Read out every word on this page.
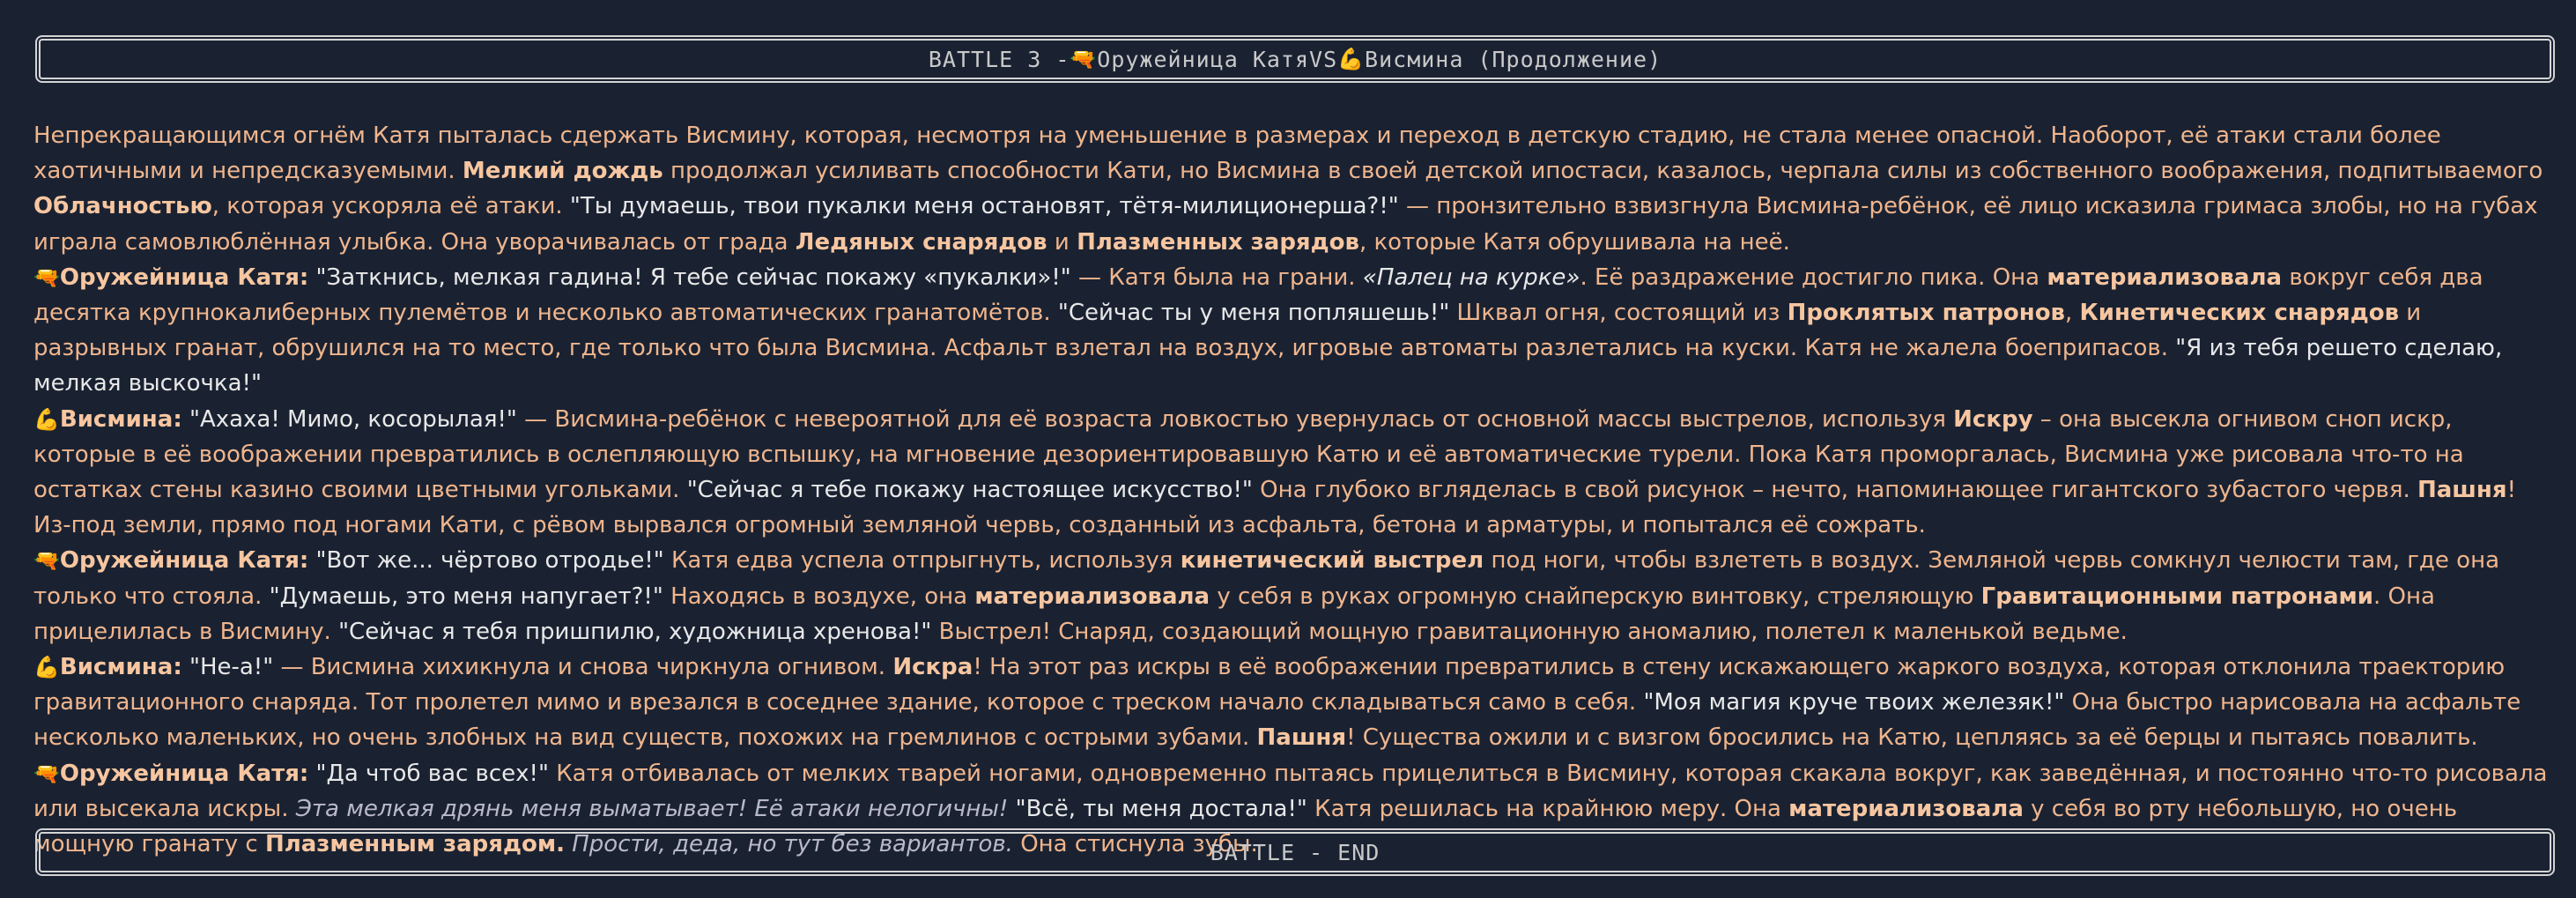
BATTLE 3 - 🔫 Оружейница Катя VS 💪 Висмина (Продолжение)

Непрекращающимся огнём Катя пыталась сдержать Висмину, которая, несмотря на уменьшение в размерах и переход в детскую стадию, не стала менее опасной. Наоборот, её атаки стали более хаотичными и непредсказуемыми. Мелкий дождь продолжал усиливать способности Кати, но Висмина в своей детской ипостаси, казалось, черпала силы из собственного воображения, подпитываемого Облачностью, которая ускоряла её атаки. "Ты думаешь, твои пукалки меня остановят, тётя-милиционерша?!" — пронзительно взвизгнула Висмина-ребёнок, её лицо исказила гримаса злобы, но на губах играла самовлюблённая улыбка. Она уворачивалась от града Ледяных снарядов и Плазменных зарядов, которые Катя обрушивала на неё.

🔫Оружейница Катя: "Заткнись, мелкая гадина! Я тебе сейчас покажу «пукалки»!" — Катя была на грани. «Палец на курке». Её раздражение достигло пика. Она материализовала вокруг себя два десятка крупнокалиберных пулемётов и несколько автоматических гранатомётов. "Сейчас ты у меня попляшешь!" Шквал огня, состоящий из Проклятых патронов, Кинетических снарядов и разрывных гранат, обрушился на то место, где только что была Висмина. Асфальт взлетал на воздух, игровые автоматы разлетались на куски. Катя не жалела боеприпасов. "Я из тебя решето сделаю, мелкая выскочка!"

💪Висмина: "Ахаха! Мимо, косорылая!" — Висмина-ребёнок с невероятной для её возраста ловкостью увернулась от основной массы выстрелов, используя Искру – она высекла огнивом сноп искр, которые в её воображении превратились в ослепляющую вспышку, на мгновение дезориентировавшую Катю и её автоматические турели. Пока Катя проморгалась, Висмина уже рисовала что-то на остатках стены казино своими цветными угольками. "Сейчас я тебе покажу настоящее искусство!" Она глубоко вгляделась в свой рисунок – нечто, напоминающее гигантского зубастого червя. Пашня! Из-под земли, прямо под ногами Кати, с рёвом вырвался огромный земляной червь, созданный из асфальта, бетона и арматуры, и попытался её сожрать.

🔫Оружейница Катя: "Вот же... чёртово отродье!" Катя едва успела отпрыгнуть, используя кинетический выстрел под ноги, чтобы взлететь в воздух. Земляной червь сомкнул челюсти там, где она только что стояла. "Думаешь, это меня напугает?!" Находясь в воздухе, она материализовала у себя в руках огромную снайперскую винтовку, стреляющую Гравитационными патронами. Она прицелилась в Висмину. "Сейчас я тебя пришпилю, художница хренова!" Выстрел! Снаряд, создающий мощную гравитационную аномалию, полетел к маленькой ведьме.

💪Висмина: "Не-а!" — Висмина хихикнула и снова чиркнула огнивом. Искра! На этот раз искры в её воображении превратились в стену искажающего жаркого воздуха, которая отклонила траекторию гравитационного снаряда. Тот пролетел мимо и врезался в соседнее здание, которое с треском начало складываться само в себя. "Моя магия круче твоих железяк!" Она быстро нарисовала на асфальте несколько маленьких, но очень злобных на вид существ, похожих на гремлинов с острыми зубами. Пашня! Существа ожили и с визгом бросились на Катю, цепляясь за её берцы и пытаясь повалить.

🔫Оружейница Катя: "Да чтоб вас всех!" Катя отбивалась от мелких тварей ногами, одновременно пытаясь прицелиться в Висмину, которая скакала вокруг, как заведённая, и постоянно что-то рисовала или высекала искры. Эта мелкая дрянь меня выматывает! Её атаки нелогичны! "Всё, ты меня достала!" Катя решилась на крайнюю меру. Она материализовала у себя во рту небольшую, но очень мощную гранату с Плазменным зарядом. Прости, деда, но тут без вариантов. Она стиснула зубы.

BATTLE - END
